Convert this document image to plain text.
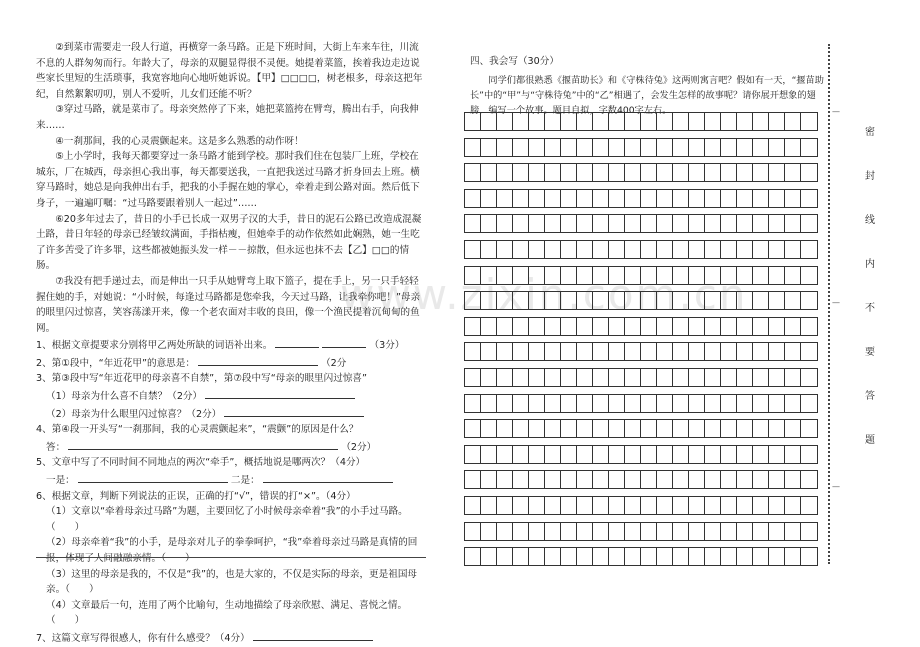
www.zixin.com.cn

②到菜市需要走一段人行道，再横穿一条马路。正是下班时间，大街上车来车往，川流不息的人群匆匆而行。年龄大了，母亲的双腿显得很不灵便。她提着菜篮，挨着我边走边说些家长里短的生活琐事，我宽容地向心地听她诉说。【甲】□□□□，树老根多，母亲这把年纪，自然絮絮叨叨，别人不爱听，儿女们还能不听？

③穿过马路，就是菜市了。母亲突然停了下来，她把菜篮挎在臂弯，腾出右手，向我伸来……

④一刹那间，我的心灵震颤起来。这是多么熟悉的动作呀！

⑤上小学时，我每天都要穿过一条马路才能到学校。那时我们住在包装厂上班，学校在城东，厂在城西，母亲担心我出事，每天都要送我，一直把我送过马路才折身回去上班。横穿马路时，她总是向我伸出右手，把我的小手握在她的掌心，牵着走到公路对面。然后低下身子，一遍遍叮嘱：“过马路要跟着别人一起过”……

⑥20多年过去了，昔日的小手已长成一双男子汉的大手，昔日的泥石公路已改造成混凝土路，昔日年轻的母亲已经皱纹满面，手指枯瘦，但她牵手的动作依然如此娴熟，她一生吃了许多苦受了许多罪，这些都被她振头发一样－－掠散，但永远也抹不去【乙】□□的情肠。

⑦我没有把手递过去，而是伸出一只手从她臂弯上取下篮子，提在手上，另一只手轻轻握住她的手，对她说：“小时候，每逢过马路都是您牵我，今天过马路，让我牵你吧！”母亲的眼里闪过惊喜，笑容荡漾开来，像一个老农面对丰收的良田，像一个渔民提着沉甸甸的鱼网。

1、根据文章提要求分别将甲乙两处所缺的词语补出来。	（3分）
2、第①段中，“年近花甲”的意思是：	（2分
3、第③段中写“年近花甲的母亲喜不自禁”，第⑦段中写“母亲的眼里闪过惊喜”
（1）母亲为什么喜不自禁？（2分）
（2）母亲为什么眼里闪过惊喜？（2分）
4、第④段一开头写“一刹那间，我的心灵震颤起来”，“震颤”的原因是什么？
答：	（2分）
5、文章中写了不同时间不同地点的两次“牵手”，概括地说是哪两次？（4分）
一是：	二是：
6、根据文章，判断下列说法的正误，正确的打“√”，错误的打“×”。（4分）
（1）文章以“牵着母亲过马路”为题，主要回忆了小时候母亲牵着“我”的小手过马路。（　　）
（2）母亲牵着“我”的小手，是母亲对儿子的拳拳呵护，“我”牵着母亲过马路是真情的回报，体现了人间融融亲情。（　　）
（3）这里的母亲是我的，不仅是“我”的，也是大家的，不仅是实际的母亲，更是祖国母亲。（　　）
（4）文章最后一句，连用了两个比喻句，生动地描绘了母亲欣慰、满足、喜悦之情。（　　）
7、这篇文章写得很感人，你有什么感受？（4分）
四、我会写（30分）

同学们都很熟悉《揠苗助长》和《守株待兔》这两则寓言吧？假如有一天，“揠苗助长”中的“甲”与“守株待兔”中的“乙”相遇了，会发生怎样的故事呢？请你展开想象的翅膀，编写一个故事。题目自拟，字数400字左右。	—
—
—
密
封
线
内
不
要
答
题
